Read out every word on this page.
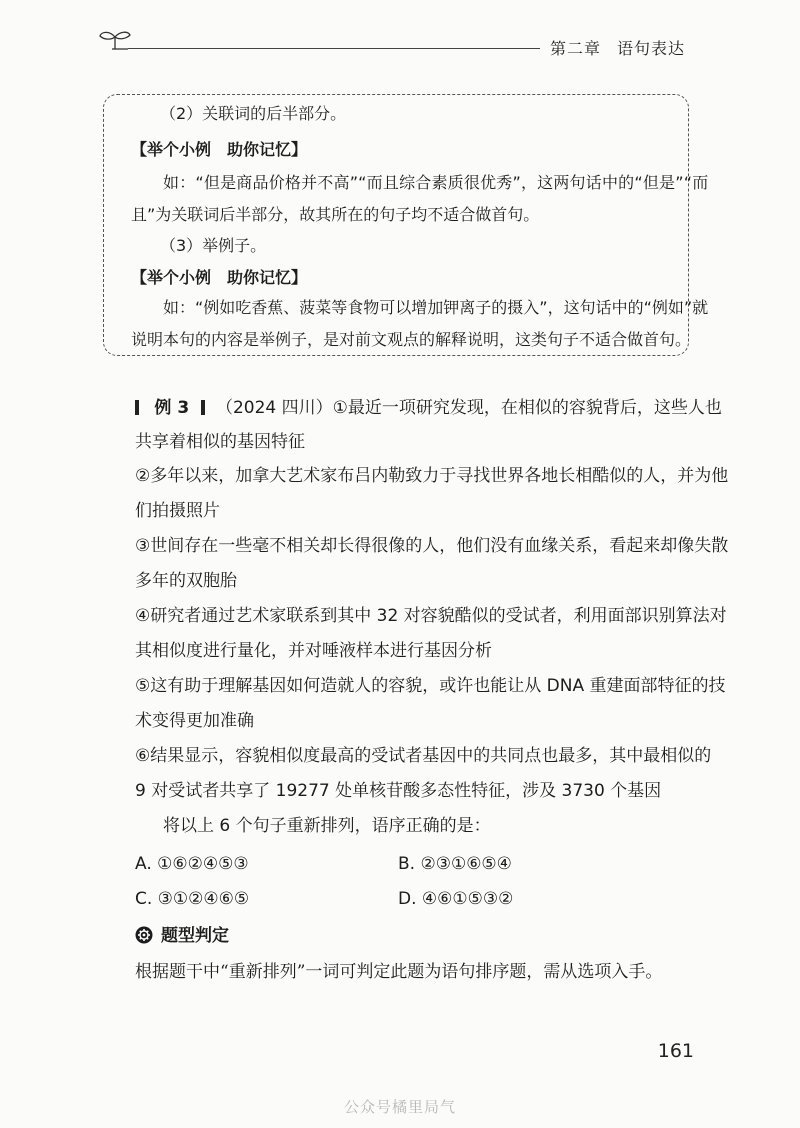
第二章 语句表达
（2）关联词的后半部分。
【举个小例　助你记忆】
如：“但是商品价格并不高”“而且综合素质很优秀”，这两句话中的“但是”“而
且”为关联词后半部分，故其所在的句子均不适合做首句。
（3）举例子。
【举个小例　助你记忆】
如：“例如吃香蕉、菠菜等食物可以增加钾离子的摄入”，这句话中的“例如”就
说明本句的内容是举例子，是对前文观点的解释说明，这类句子不适合做首句。
例 3 （2024 四川）①最近一项研究发现，在相似的容貌背后，这些人也
共享着相似的基因特征
②多年以来，加拿大艺术家布吕内勒致力于寻找世界各地长相酷似的人，并为他
们拍摄照片
③世间存在一些毫不相关却长得很像的人，他们没有血缘关系，看起来却像失散
多年的双胞胎
④研究者通过艺术家联系到其中 32 对容貌酷似的受试者，利用面部识别算法对
其相似度进行量化，并对唾液样本进行基因分析
⑤这有助于理解基因如何造就人的容貌，或许也能让从 DNA 重建面部特征的技
术变得更加准确
⑥结果显示，容貌相似度最高的受试者基因中的共同点也最多，其中最相似的
9 对受试者共享了 19277 处单核苷酸多态性特征，涉及 3730 个基因
将以上 6 个句子重新排列，语序正确的是：
A. ①⑥②④⑤③	B. ②③①⑥⑤④
C. ③①②④⑥⑤	D. ④⑥①⑤③②
题型判定
根据题干中“重新排列”一词可判定此题为语句排序题，需从选项入手。
161
公众号橘里局气
